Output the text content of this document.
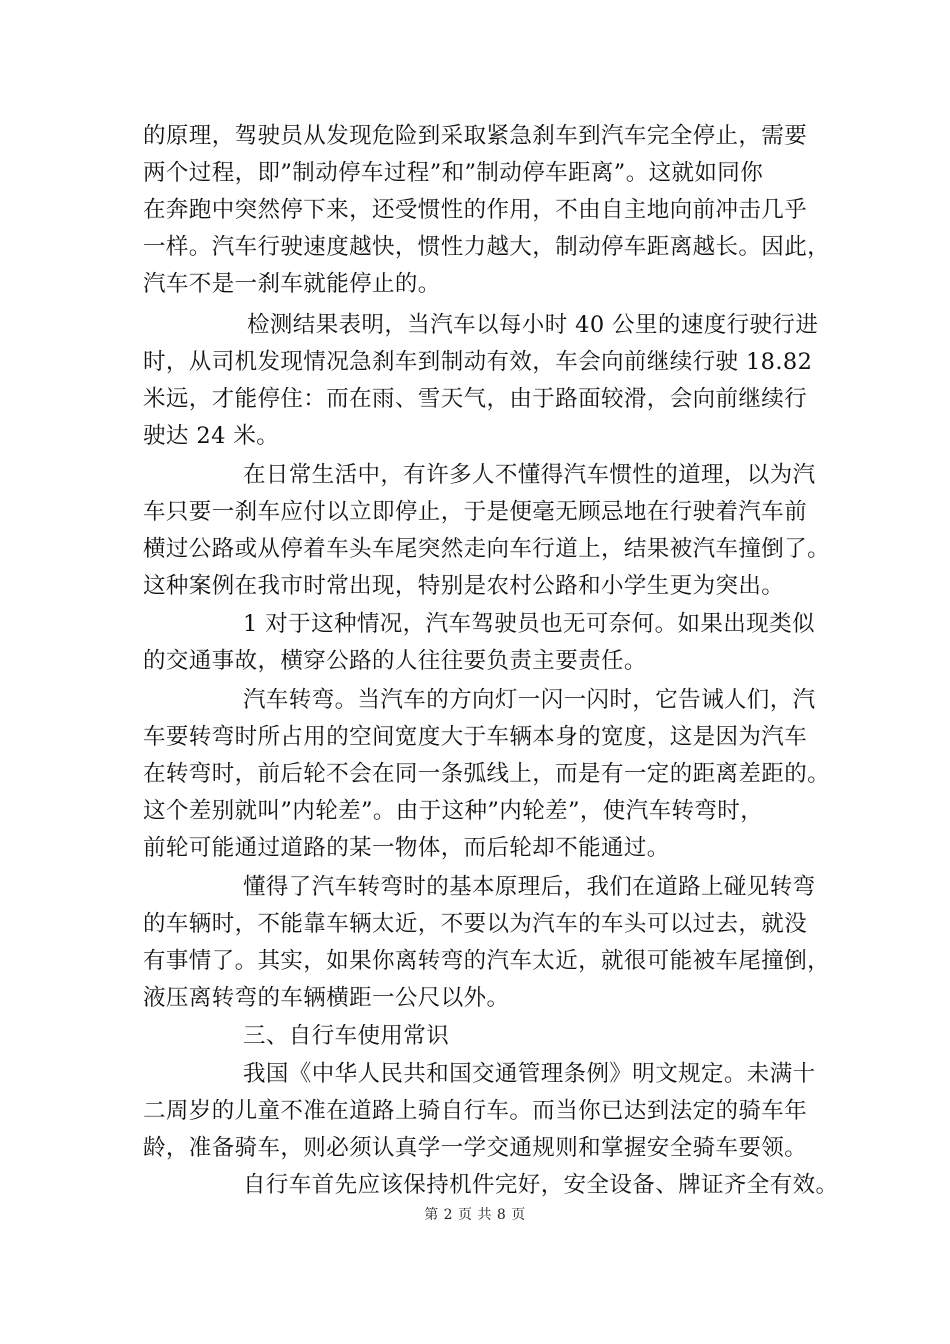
的原理，驾驶员从发现危险到采取紧急刹车到汽车完全停止，需要
两个过程，即”制动停车过程”和”制动停车距离”。这就如同你
在奔跑中突然停下来，还受惯性的作用，不由自主地向前冲击几乎
一样。汽车行驶速度越快，惯性力越大，制动停车距离越长。因此，
汽车不是一刹车就能停止的。
检测结果表明，当汽车以每小时 40 公里的速度行驶行进
时，从司机发现情况急刹车到制动有效，车会向前继续行驶 18.82
米远，才能停住：而在雨、雪天气，由于路面较滑，会向前继续行
驶达 24 米。
在日常生活中，有许多人不懂得汽车惯性的道理，以为汽
车只要一刹车应付以立即停止，于是便毫无顾忌地在行驶着汽车前
横过公路或从停着车头车尾突然走向车行道上，结果被汽车撞倒了。
这种案例在我市时常出现，特别是农村公路和小学生更为突出。
1 对于这种情况，汽车驾驶员也无可奈何。如果出现类似
的交通事故，横穿公路的人往往要负责主要责任。
汽车转弯。当汽车的方向灯一闪一闪时，它告诫人们，汽
车要转弯时所占用的空间宽度大于车辆本身的宽度，这是因为汽车
在转弯时，前后轮不会在同一条弧线上，而是有一定的距离差距的。
这个差别就叫”内轮差”。由于这种”内轮差”，使汽车转弯时，
前轮可能通过道路的某一物体，而后轮却不能通过。
懂得了汽车转弯时的基本原理后，我们在道路上碰见转弯
的车辆时，不能靠车辆太近，不要以为汽车的车头可以过去，就没
有事情了。其实，如果你离转弯的汽车太近，就很可能被车尾撞倒，
液压离转弯的车辆横距一公尺以外。
三、自行车使用常识
我国《中华人民共和国交通管理条例》明文规定。未满十
二周岁的儿童不准在道路上骑自行车。而当你已达到法定的骑车年
龄，准备骑车，则必须认真学一学交通规则和掌握安全骑车要领。
自行车首先应该保持机件完好，安全设备、牌证齐全有效。
第 2 页 共 8 页
